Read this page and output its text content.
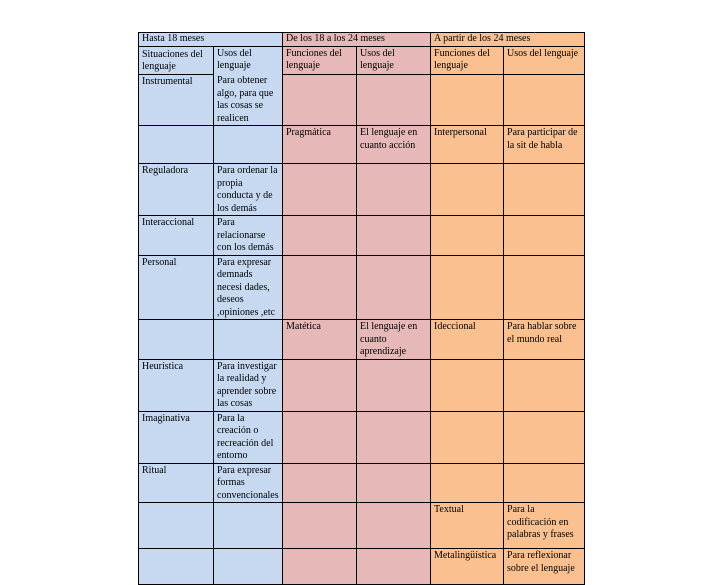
Hasta 18 meses		De los 18 a los 24 meses		A partir de los 24 meses	
Situaciones del lenguaje	Usos del lenguaje	Funciones del lenguaje	Usos del lenguaje	Funciones del lenguaje	Usos del lenguaje
Instrumental	Para obtener algo, para que las cosas se realicen				
		Pragmática	El lenguaje en cuanto acción	Interpersonal	Para participar de la sit de habla
Reguladora	Para ordenar la propia conducta y de los demás				
Interaccional	Para relacionarse con los demás				
Personal	Para expresar demnads necesi dades, deseos ,opiniones ,etc				
		Matética	El lenguaje en cuanto aprendizaje	Ideccional	Para hablar sobre el mundo real
Heurística	Para investigar la realidad y aprender sobre las cosas				
Imaginativa	Para la creación o recreación del entorno				
Ritual	Para expresar formas convencionales				
				Textual	Para la codificación en palabras y frases
				Metalingüística	Para reflexionar sobre el lenguaje
